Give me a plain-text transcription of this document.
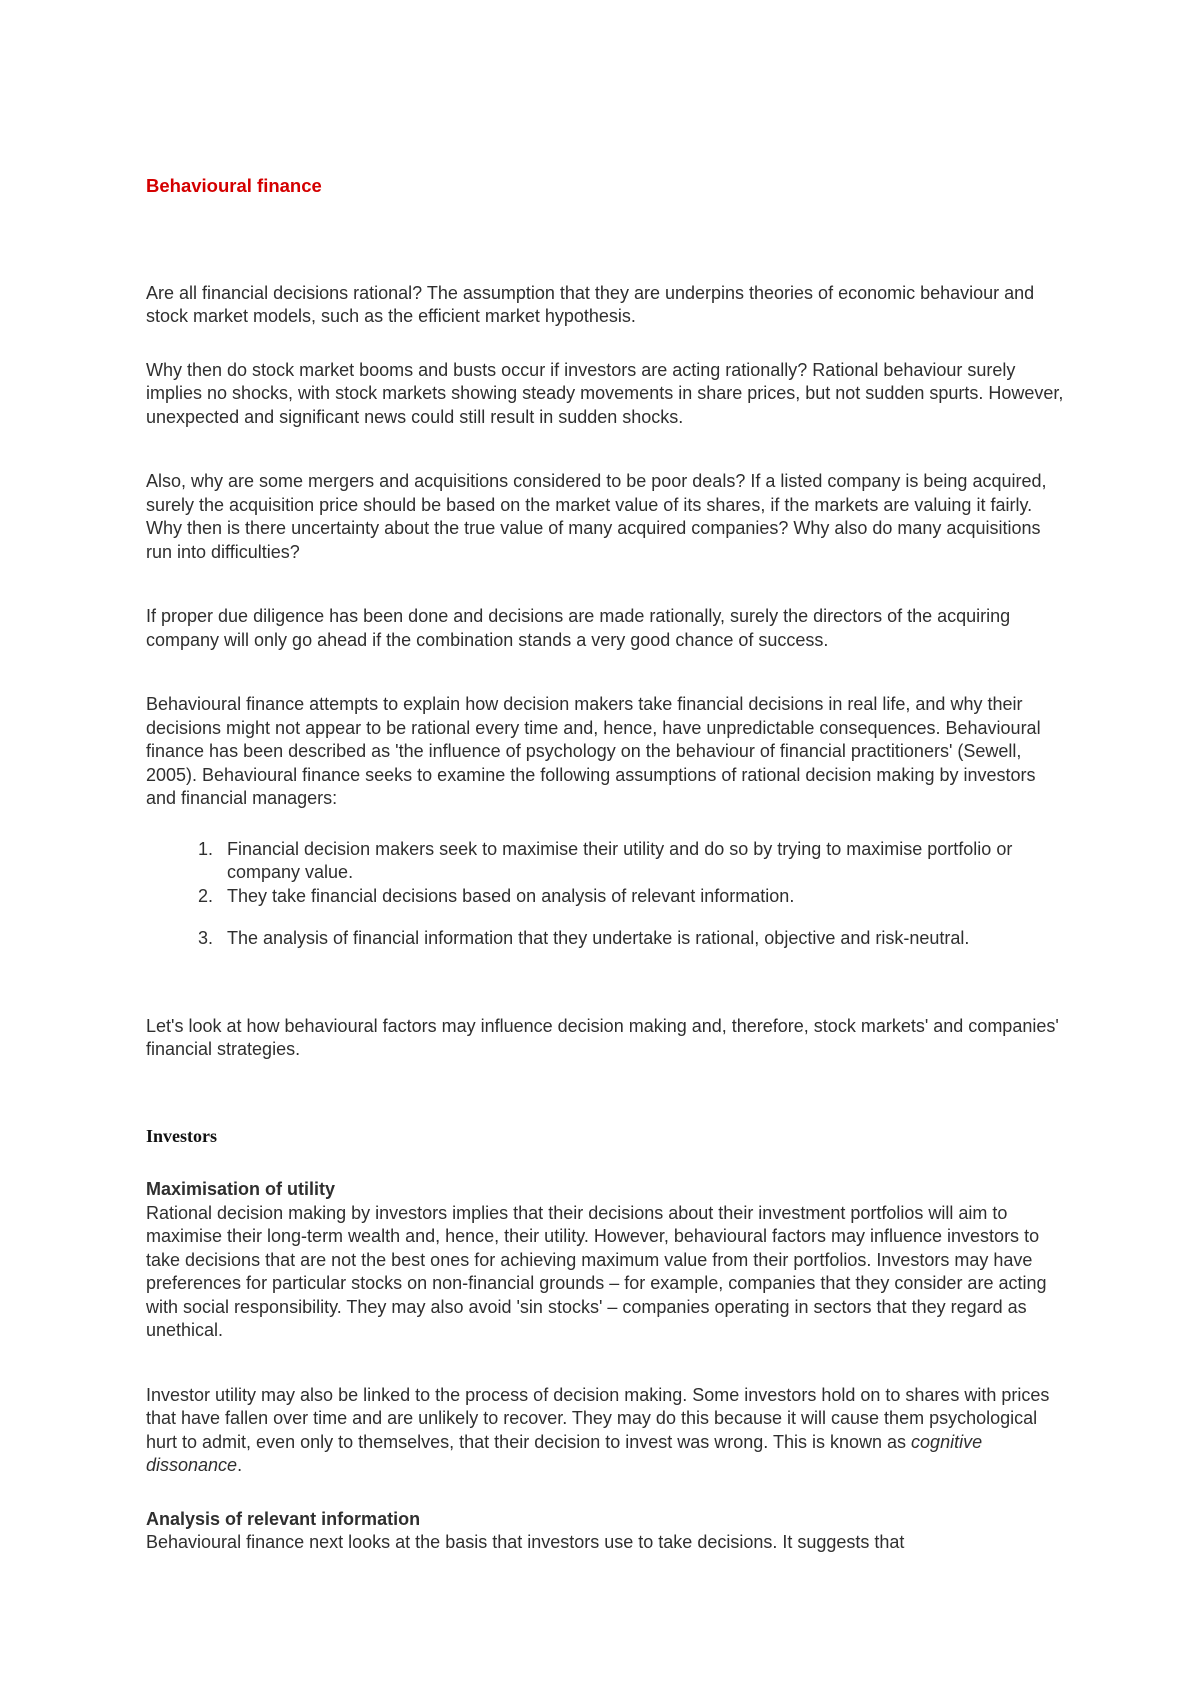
Behavioural finance

Are all financial decisions rational? The assumption that they are underpins theories of economic behaviour and stock market models, such as the efficient market hypothesis.

Why then do stock market booms and busts occur if investors are acting rationally? Rational behaviour surely implies no shocks, with stock markets showing steady movements in share prices, but not sudden spurts. However, unexpected and significant news could still result in sudden shocks.

Also, why are some mergers and acquisitions considered to be poor deals? If a listed company is being acquired, surely the acquisition price should be based on the market value of its shares, if the markets are valuing it fairly. Why then is there uncertainty about the true value of many acquired companies? Why also do many acquisitions run into difficulties?

If proper due diligence has been done and decisions are made rationally, surely the directors of the acquiring company will only go ahead if the combination stands a very good chance of success.

Behavioural finance attempts to explain how decision makers take financial decisions in real life, and why their decisions might not appear to be rational every time and, hence, have unpredictable consequences. Behavioural finance has been described as 'the influence of psychology on the behaviour of financial practitioners' (Sewell, 2005). Behavioural finance seeks to examine the following assumptions of rational decision making by investors and financial managers:

1. Financial decision makers seek to maximise their utility and do so by trying to maximise portfolio or company value.
2. They take financial decisions based on analysis of relevant information.
3. The analysis of financial information that they undertake is rational, objective and risk-neutral.

Let's look at how behavioural factors may influence decision making and, therefore, stock markets' and companies' financial strategies.

Investors
Maximisation of utility

Rational decision making by investors implies that their decisions about their investment portfolios will aim to maximise their long-term wealth and, hence, their utility. However, behavioural factors may influence investors to take decisions that are not the best ones for achieving maximum value from their portfolios. Investors may have preferences for particular stocks on non-financial grounds – for example, companies that they consider are acting with social responsibility. They may also avoid 'sin stocks' – companies operating in sectors that they regard as unethical.

Investor utility may also be linked to the process of decision making. Some investors hold on to shares with prices that have fallen over time and are unlikely to recover. They may do this because it will cause them psychological hurt to admit, even only to themselves, that their decision to invest was wrong. This is known as cognitive dissonance.

Analysis of relevant information

Behavioural finance next looks at the basis that investors use to take decisions. It suggests that
